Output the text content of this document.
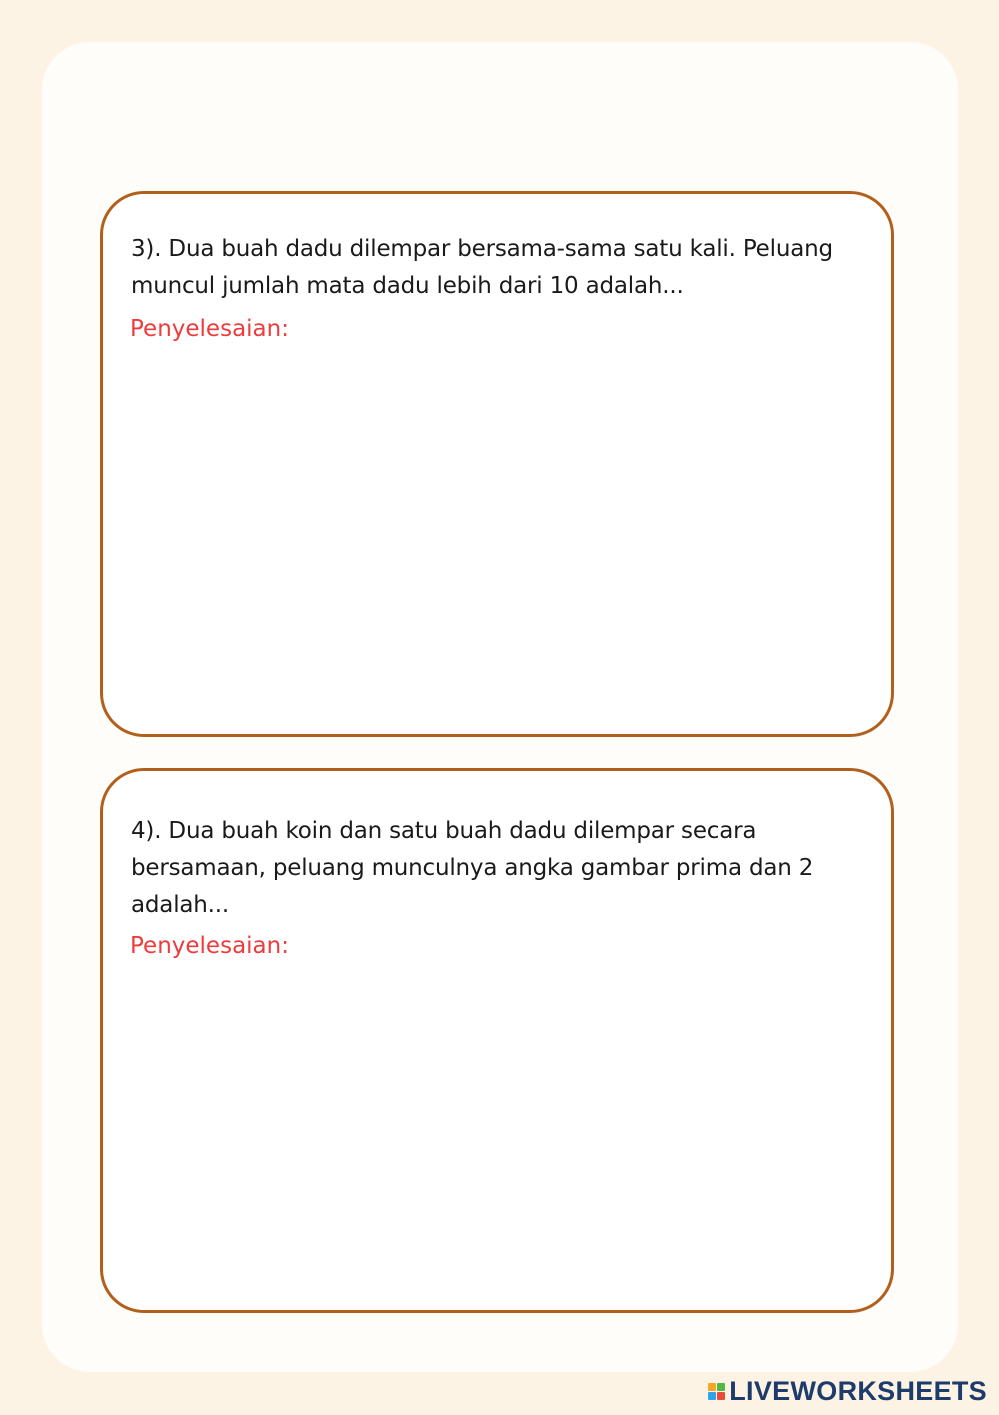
3). Dua buah dadu dilempar bersama-sama satu kali. Peluang muncul jumlah mata dadu lebih dari 10 adalah...
Penyelesaian:
4). Dua buah koin dan satu buah dadu dilempar secara bersamaan, peluang munculnya angka gambar prima dan 2 adalah...
Penyelesaian:
LIVEWORKSHEETS
